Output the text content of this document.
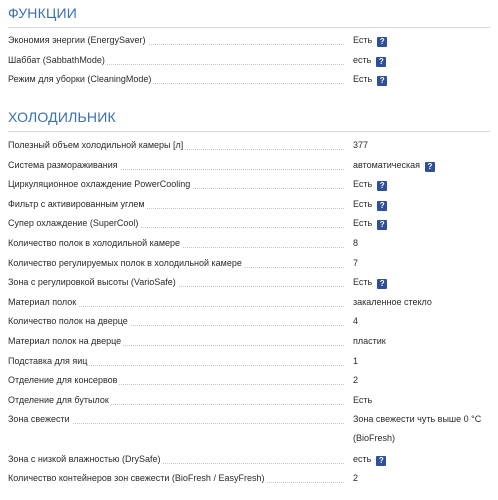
ФУНКЦИИ
Экономия энергии (EnergySaver)	Есть ?
Шаббат (SabbathMode)	есть ?
Режим для уборки (CleaningMode)	Есть ?
ХОЛОДИЛЬНИК
Полезный объем холодильной камеры [л]	377
Система размораживания	автоматическая ?
Циркуляционное охлаждение PowerCooling	Есть ?
Фильтр с активированным углем	Есть ?
Супер охлаждение (SuperCool)	Есть ?
Количество полок в холодильной камере	8
Количество регулируемых полок в холодильной камере	7
Зона с регулировкой высоты (VarioSafe)	Есть ?
Материал полок	закаленное стекло
Количество полок на дверце	4
Материал полок на дверце	пластик
Подставка для яиц	1
Отделение для консервов	2
Отделение для бутылок	Есть
Зона свежести	Зона свежести чуть выше 0 °C (BioFresh)
Зона с низкой влажностью (DrySafe)	есть ?
Количество контейнеров зон свежести (BioFresh / EasyFresh)	2
